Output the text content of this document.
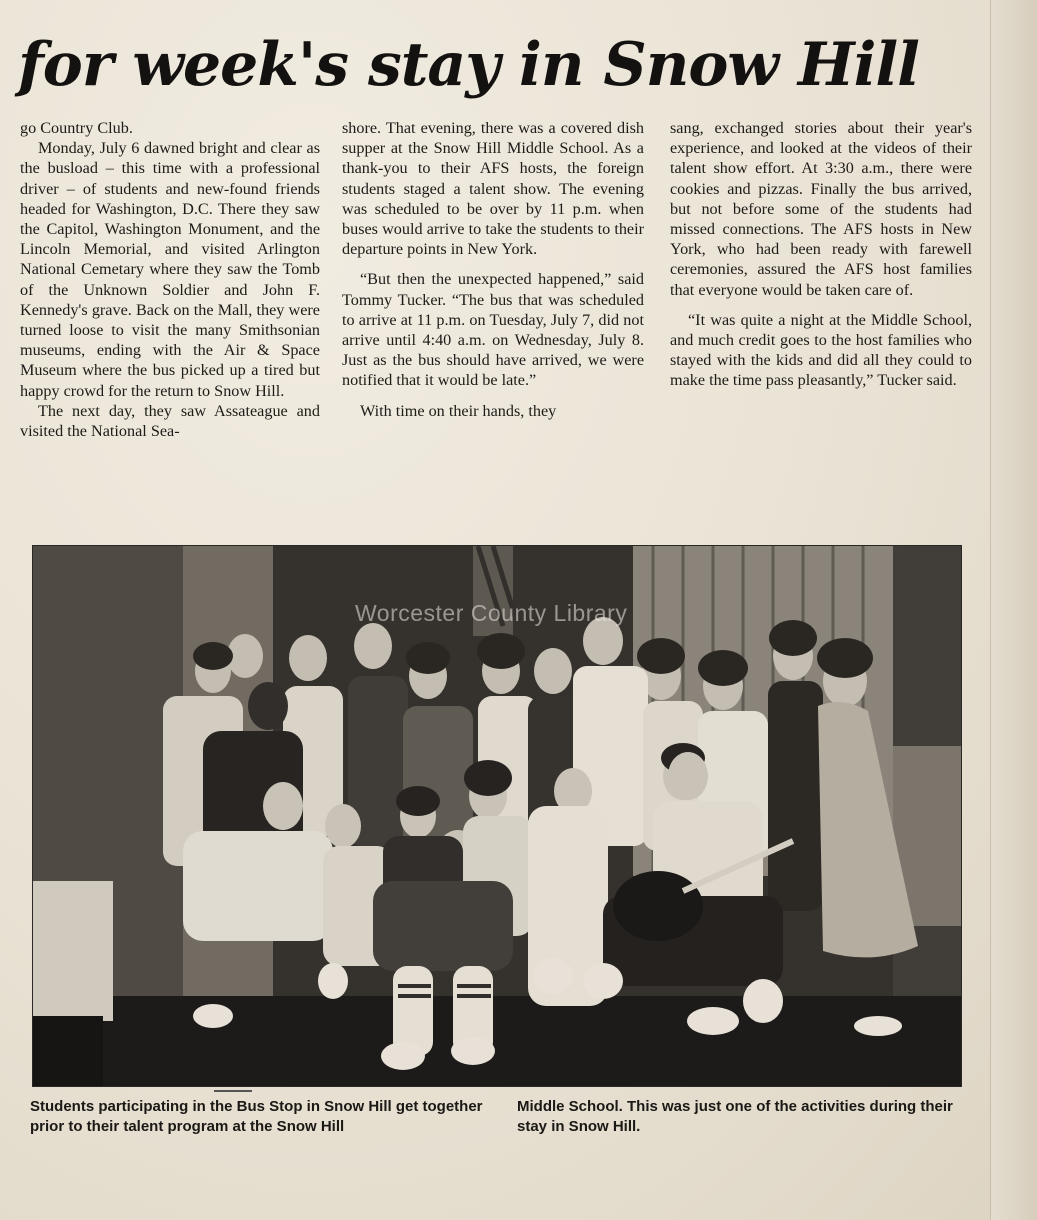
for week's stay in Snow Hill

go Country Club.

Monday, July 6 dawned bright and clear as the busload – this time with a professional driver – of students and new-found friends headed for Washington, D.C. There they saw the Capitol, Washington Monument, and the Lincoln Memorial, and visited Arlington National Cemetary where they saw the Tomb of the Unknown Soldier and John F. Kennedy's grave. Back on the Mall, they were turned loose to visit the many Smithsonian museums, ending with the Air & Space Museum where the bus picked up a tired but happy crowd for the return to Snow Hill.

The next day, they saw Assateague and visited the National Sea-

shore. That evening, there was a covered dish supper at the Snow Hill Middle School. As a thank-you to their AFS hosts, the foreign students staged a talent show. The evening was scheduled to be over by 11 p.m. when buses would arrive to take the students to their departure points in New York.

“But then the unexpected happened,” said Tommy Tucker. “The bus that was scheduled to arrive at 11 p.m. on Tuesday, July 7, did not arrive until 4:40 a.m. on Wednesday, July 8. Just as the bus should have arrived, we were notified that it would be late.”

With time on their hands, they

sang, exchanged stories about their year's experience, and looked at the videos of their talent show effort. At 3:30 a.m., there were cookies and pizzas. Finally the bus arrived, but not before some of the students had missed connections. The AFS hosts in New York, who had been ready with farewell ceremonies, assured the AFS host families that everyone would be taken care of.

“It was quite a night at the Middle School, and much credit goes to the host families who stayed with the kids and did all they could to make the time pass pleasantly,” Tucker said.

Worcester County Library
Students participating in the Bus Stop in Snow Hill get together prior to their talent program at the Snow Hill
Middle School. This was just one of the activities during their stay in Snow Hill.
